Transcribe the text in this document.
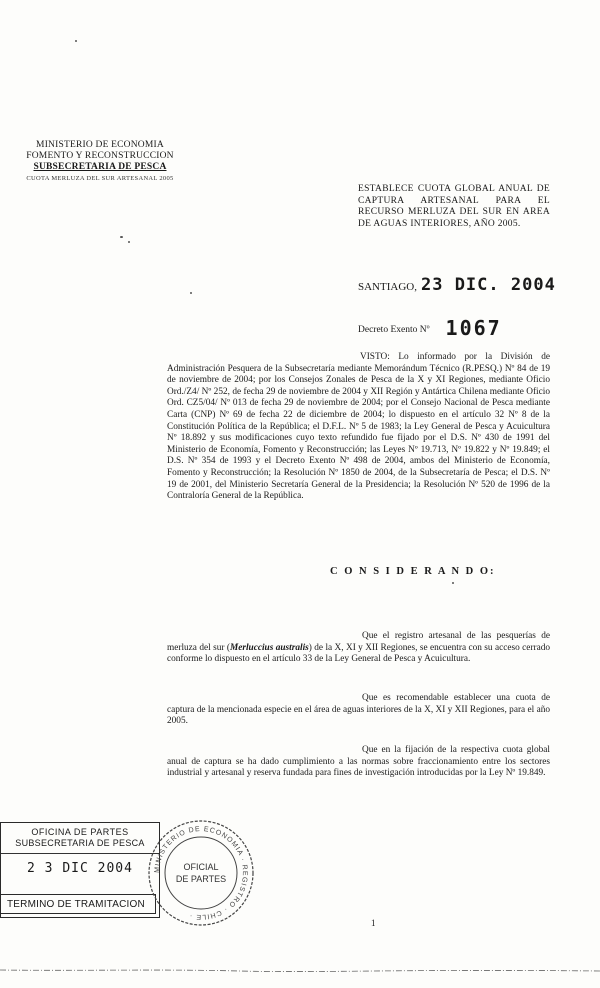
MINISTERIO DE ECONOMIA
FOMENTO Y RECONSTRUCCION
SUBSECRETARIA DE PESCA
CUOTA MERLUZA DEL SUR ARTESANAL 2005
ESTABLECE CUOTA GLOBAL ANUAL DE CAPTURA ARTESANAL PARA EL RECURSO MERLUZA DEL SUR EN AREA DE AGUAS INTERIORES, AÑO 2005.
SANTIAGO, 23 DIC. 2004
Decreto Exento Nº 1067
VISTO: Lo informado por la División de Administración Pesquera de la Subsecretaría mediante Memorándum Técnico (R.PESQ.) Nº 84 de 19 de noviembre de 2004; por los Consejos Zonales de Pesca de la X y XI Regiones, mediante Oficio Ord./Z4/ Nº 252, de fecha 29 de noviembre de 2004 y XII Región y Antártica Chilena mediante Oficio Ord. CZ5/04/ Nº 013 de fecha 29 de noviembre de 2004; por el Consejo Nacional de Pesca mediante Carta (CNP) Nº 69 de fecha 22 de diciembre de 2004; lo dispuesto en el artículo 32 Nº 8 de la Constitución Política de la República; el D.F.L. Nº 5 de 1983; la Ley General de Pesca y Acuicultura Nº 18.892 y sus modificaciones cuyo texto refundido fue fijado por el D.S. Nº 430 de 1991 del Ministerio de Economía, Fomento y Reconstrucción; las Leyes Nº 19.713, Nº 19.822 y Nº 19.849; el D.S. Nº 354 de 1993 y el Decreto Exento Nº 498 de 2004, ambos del Ministerio de Economía, Fomento y Reconstrucción; la Resolución Nº 1850 de 2004, de la Subsecretaría de Pesca; el D.S. Nº 19 de 2001, del Ministerio Secretaría General de la Presidencia; la Resolución Nº 520 de 1996 de la Contraloría General de la República.
C O N S I D E R A N D O:
Que el registro artesanal de las pesquerías de merluza del sur (Merluccius australis) de la X, XI y XII Regiones, se encuentra con su acceso cerrado conforme lo dispuesto en el artículo 33 de la Ley General de Pesca y Acuicultura.
Que es recomendable establecer una cuota de captura de la mencionada especie en el área de aguas interiores de la X, XI y XII Regiones, para el año 2005.
Que en la fijación de la respectiva cuota global anual de captura se ha dado cumplimiento a las normas sobre fraccionamiento entre los sectores industrial y artesanal y reserva fundada para fines de investigación introducidas por la Ley Nº 19.849.
1
OFICINA DE PARTES
SUBSECRETARIA DE PESCA
2 3 DIC 2004
TERMINO DE TRAMITACION
MINISTERIO DE ECONOMIA · REGISTRO · CHILE ·
OFICIAL
DE PARTES
